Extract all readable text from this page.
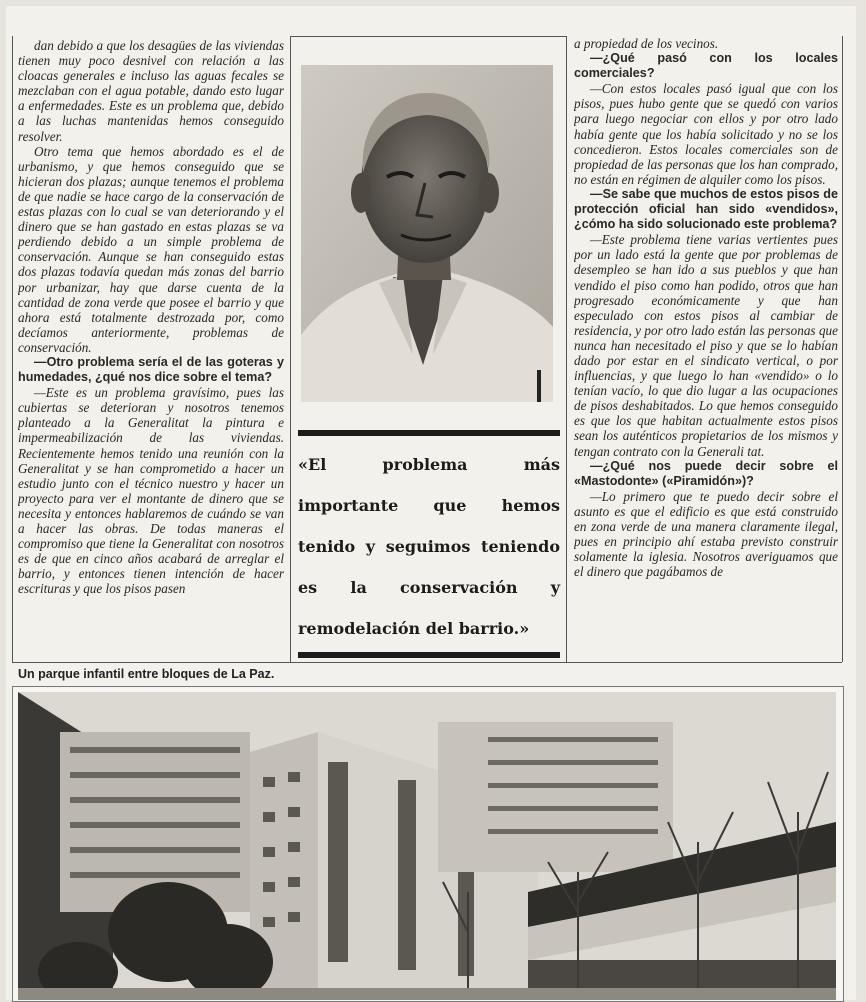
dan debido a que los desagües de las viviendas tienen muy poco desnivel con relación a las cloacas generales e incluso las aguas fecales se mezclaban con el agua potable, dando esto lugar a enfermedades. Este es un problema que, debido a las luchas mantenidas hemos conseguido resolver.

Otro tema que hemos abordado es el de urbanismo, y que hemos conseguido que se hicieran dos plazas; aunque tenemos el problema de que nadie se hace cargo de la conservación de estas plazas con lo cual se van deteriorando y el dinero que se han gastado en estas plazas se va perdiendo debido a un simple problema de conservación. Aunque se han conseguido estas dos plazas todavía quedan más zonas del barrio por urbanizar, hay que darse cuenta de la cantidad de zona verde que posee el barrio y que ahora está totalmente destrozada por, como decíamos anteriormente, problemas de conservación.

—Otro problema sería el de las goteras y humedades, ¿qué nos dice sobre el tema?

—Este es un problema gravísimo, pues las cubiertas se deterioran y nosotros tenemos planteado a la Generalitat la pintura e impermeabilización de las viviendas. Recientemente hemos tenido una reunión con la Generalitat y se han comprometido a hacer un estudio junto con el técnico nuestro y hacer un proyecto para ver el montante de dinero que se necesita y entonces hablaremos de cuándo se van a hacer las obras. De todas maneras el compromiso que tiene la Generalitat con nosotros es de que en cinco años acabará de arreglar el barrio, y entonces tienen intención de hacer escrituras y que los pisos pasen

«El problema más importante que hemos tenido y seguimos teniendo es la conservación y remodelación del barrio.»

a propiedad de los vecinos.

—¿Qué pasó con los locales comerciales?

—Con estos locales pasó igual que con los pisos, pues hubo gente que se quedó con varios para luego negociar con ellos y por otro lado había gente que los había solicitado y no se los concedieron. Estos locales comerciales son de propiedad de las personas que los han comprado, no están en régimen de alquiler como los pisos.

—Se sabe que muchos de estos pisos de protección oficial han sido «vendidos», ¿cómo ha sido solucionado este problema?

—Este problema tiene varias vertientes pues por un lado está la gente que por problemas de desempleo se han ido a sus pueblos y que han vendido el piso como han podido, otros que han progresado económicamente y que han especulado con estos pisos al cambiar de residencia, y por otro lado están las personas que nunca han necesitado el piso y que se lo habían dado por estar en el sindicato vertical, o por influencias, y que luego lo han «vendido» o lo tenían vacío, lo que dio lugar a las ocupaciones de pisos deshabitados. Lo que hemos conseguido es que los que habitan actualmente estos pisos sean los auténticos propietarios de los mismos y tengan contrato con la Generali tat.

—¿Qué nos puede decir sobre el «Mastodonte» («Piramidón»)?

—Lo primero que te puedo decir sobre el asunto es que el edificio es que está construido en zona verde de una manera claramente ilegal, pues en principio ahí estaba previsto construir solamente la iglesia. Nosotros averiguamos que el dinero que pagábamos de

Un parque infantil entre bloques de La Paz.
